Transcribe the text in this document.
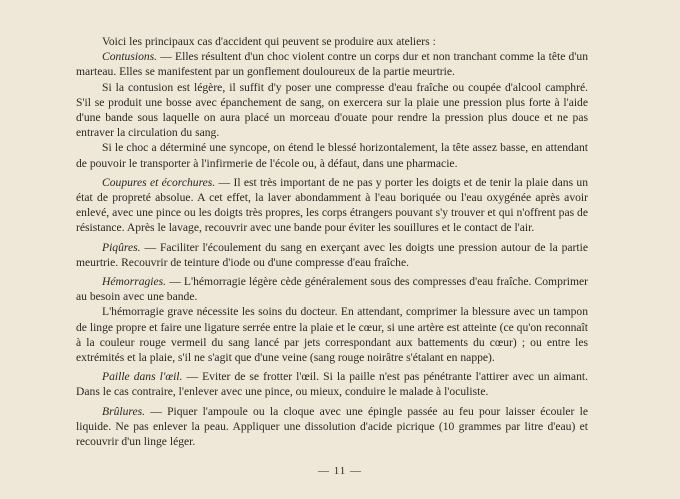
Voici les principaux cas d'accident qui peuvent se produire aux ateliers :

Contusions. — Elles résultent d'un choc violent contre un corps dur et non tranchant comme la tête d'un marteau. Elles se manifestent par un gonflement douloureux de la partie meurtrie.

Si la contusion est légère, il suffit d'y poser une compresse d'eau fraîche ou coupée d'alcool camphré. S'il se produit une bosse avec épanchement de sang, on exercera sur la plaie une pression plus forte à l'aide d'une bande sous laquelle on aura placé un morceau d'ouate pour rendre la pression plus douce et ne pas entraver la circulation du sang.

Si le choc a déterminé une syncope, on étend le blessé horizontalement, la tête assez basse, en attendant de pouvoir le transporter à l'infirmerie de l'école ou, à défaut, dans une pharmacie.

Coupures et écorchures. — Il est très important de ne pas y porter les doigts et de tenir la plaie dans un état de propreté absolue. A cet effet, la laver abondamment à l'eau boriquée ou l'eau oxygénée après avoir enlevé, avec une pince ou les doigts très propres, les corps étrangers pouvant s'y trouver et qui n'offrent pas de résistance. Après le lavage, recouvrir avec une bande pour éviter les souillures et le contact de l'air.

Piqûres. — Faciliter l'écoulement du sang en exerçant avec les doigts une pression autour de la partie meurtrie. Recouvrir de teinture d'iode ou d'une compresse d'eau fraîche.

Hémorragies. — L'hémorragie légère cède généralement sous des compresses d'eau fraîche. Comprimer au besoin avec une bande.

L'hémorragie grave nécessite les soins du docteur. En attendant, comprimer la blessure avec un tampon de linge propre et faire une ligature serrée entre la plaie et le cœur, si une artère est atteinte (ce qu'on reconnaît à la couleur rouge vermeil du sang lancé par jets correspondant aux battements du cœur) ; ou entre les extrémités et la plaie, s'il ne s'agit que d'une veine (sang rouge noirâtre s'étalant en nappe).

Paille dans l'œil. — Eviter de se frotter l'œil. Si la paille n'est pas pénétrante l'attirer avec un aimant. Dans le cas contraire, l'enlever avec une pince, ou mieux, conduire le malade à l'oculiste.

Brûlures. — Piquer l'ampoule ou la cloque avec une épingle passée au feu pour laisser écouler le liquide. Ne pas enlever la peau. Appliquer une dissolution d'acide picrique (10 grammes par litre d'eau) et recouvrir d'un linge léger.

— 11 —
